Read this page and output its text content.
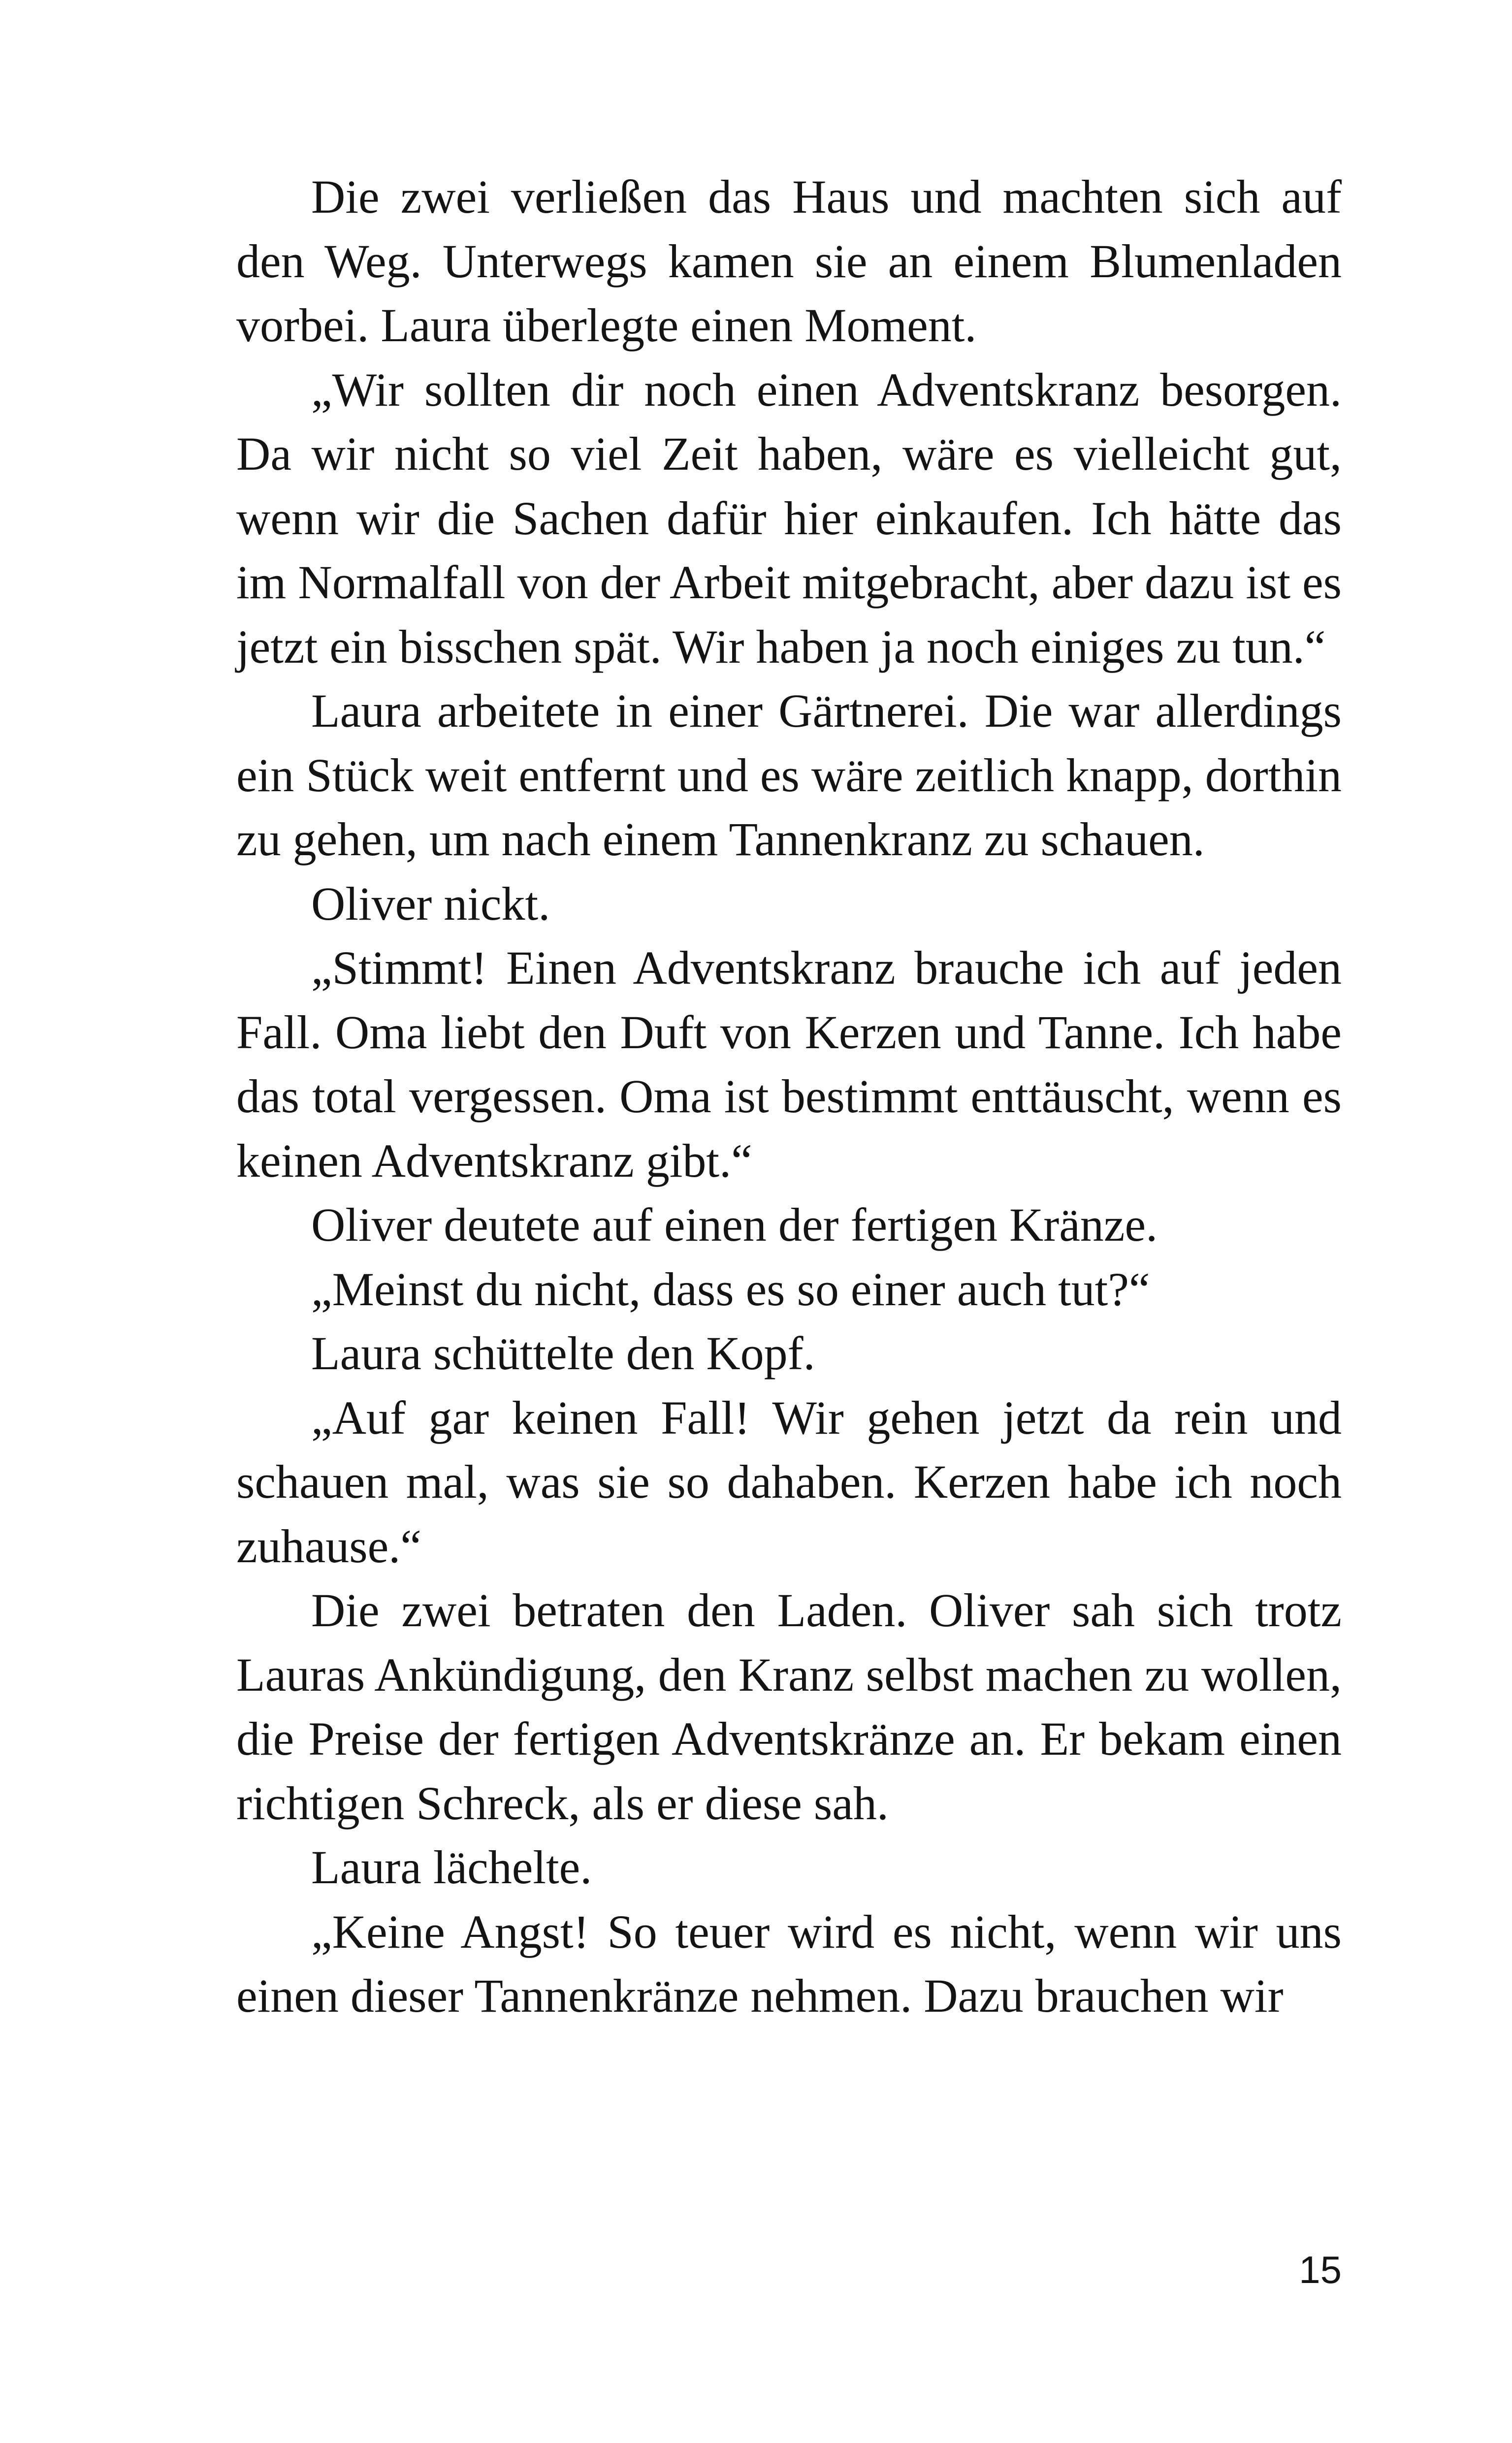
Die zwei verließen das Haus und machten sich auf den Weg. Unterwegs kamen sie an einem Blumenladen vorbei. Laura überlegte einen Moment.

„Wir sollten dir noch einen Adventskranz besorgen. Da wir nicht so viel Zeit haben, wäre es vielleicht gut, wenn wir die Sachen dafür hier einkaufen. Ich hätte das im Normalfall von der Arbeit mitgebracht, aber dazu ist es jetzt ein bisschen spät. Wir haben ja noch einiges zu tun.“

Laura arbeitete in einer Gärtnerei. Die war allerdings ein Stück weit entfernt und es wäre zeitlich knapp, dorthin zu gehen, um nach einem Tannenkranz zu schauen.

Oliver nickt.

„Stimmt! Einen Adventskranz brauche ich auf jeden Fall. Oma liebt den Duft von Kerzen und Tanne. Ich habe das total vergessen. Oma ist bestimmt enttäuscht, wenn es keinen Adventskranz gibt.“

Oliver deutete auf einen der fertigen Kränze.

„Meinst du nicht, dass es so einer auch tut?“

Laura schüttelte den Kopf.

„Auf gar keinen Fall! Wir gehen jetzt da rein und schauen mal, was sie so dahaben. Kerzen habe ich noch zuhause.“

Die zwei betraten den Laden. Oliver sah sich trotz Lauras Ankündigung, den Kranz selbst machen zu wollen, die Preise der fertigen Adventskränze an. Er bekam einen richtigen Schreck, als er diese sah.

Laura lächelte.

„Keine Angst! So teuer wird es nicht, wenn wir uns einen dieser Tannenkränze nehmen. Dazu brauchen wir

15
